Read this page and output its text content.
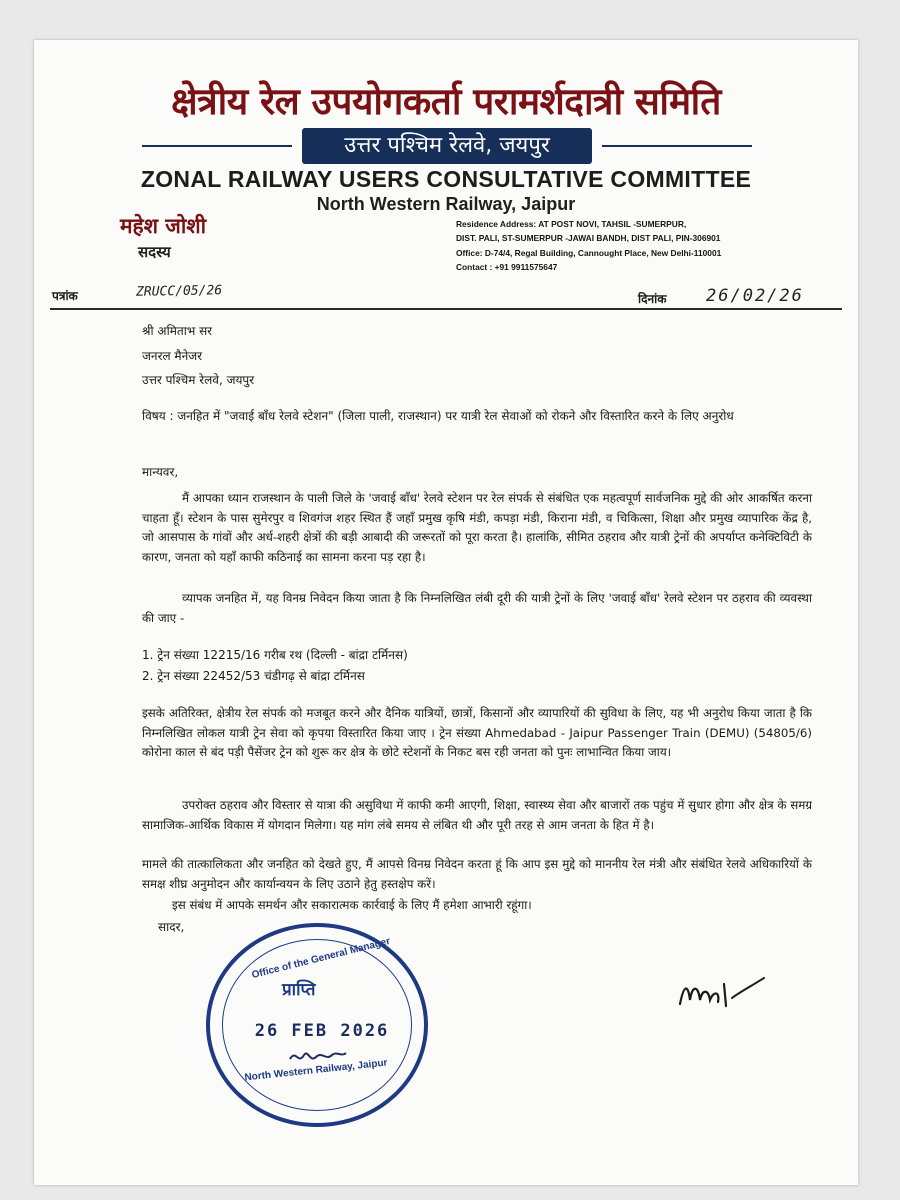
क्षेत्रीय रेल उपयोगकर्ता परामर्शदात्री समिति
उत्तर पश्चिम रेलवे, जयपुर
ZONAL RAILWAY USERS CONSULTATIVE COMMITTEE
North Western Railway, Jaipur
महेश जोशी
सदस्य
Residence Address: AT POST NOVI, TAHSIL -SUMERPUR,
DIST. PALI, ST-SUMERPUR -JAWAI BANDH, DIST PALI, PIN-306901
Office: D-74/4, Regal Building, Cannought Place, New Delhi-110001
Contact : +91 9911575647
पत्रांक	ZRUCC/05/26	दिनांक 26/02/26
श्री अमिताभ सर
जनरल मैनेजर
उत्तर पश्चिम रेलवे, जयपुर
विषय : जनहित में "जवाई बाँध रेलवे स्टेशन" (जिला पाली, राजस्थान) पर यात्री रेल सेवाओं को रोकने और विस्तारित करने के लिए अनुरोध
मान्यवर,
मैं आपका ध्यान राजस्थान के पाली जिले के 'जवाई बाँध' रेलवे स्टेशन पर रेल संपर्क से संबंधित एक महत्वपूर्ण सार्वजनिक मुद्दे की ओर आकर्षित करना चाहता हूँ। स्टेशन के पास सुमेरपुर व शिवगंज शहर स्थित हैं जहाँ प्रमुख कृषि मंडी, कपड़ा मंडी, किराना मंडी, व चिकित्सा, शिक्षा और प्रमुख व्यापारिक केंद्र है, जो आसपास के गांवों और अर्ध-शहरी क्षेत्रों की बड़ी आबादी की जरूरतों को पूरा करता है। हालांकि, सीमित ठहराव और यात्री ट्रेनों की अपर्याप्त कनेक्टिविटी के कारण, जनता को यहाँ काफी कठिनाई का सामना करना पड़ रहा है।
व्यापक जनहित में, यह विनम्र निवेदन किया जाता है कि निम्नलिखित लंबी दूरी की यात्री ट्रेनों के लिए 'जवाई बाँध' रेलवे स्टेशन पर ठहराव की व्यवस्था की जाए -
1. ट्रेन संख्या 12215/16 गरीब रथ (दिल्ली - बांद्रा टर्मिनस)
2. ट्रेन संख्या 22452/53 चंडीगढ़ से बांद्रा टर्मिनस
इसके अतिरिक्त, क्षेत्रीय रेल संपर्क को मजबूत करने और दैनिक यात्रियों, छात्रों, किसानों और व्यापारियों की सुविधा के लिए, यह भी अनुरोध किया जाता है कि निम्नलिखित लोकल यात्री ट्रेन सेवा को कृपया विस्तारित किया जाए । ट्रेन संख्या Ahmedabad - Jaipur Passenger Train (DEMU) (54805/6) कोरोना काल से बंद पड़ी पैसेंजर ट्रेन को शुरू कर क्षेत्र के छोटे स्टेशनों के निकट बस रही जनता को पुनः लाभान्वित किया जाय।
उपरोक्त ठहराव और विस्तार से यात्रा की असुविधा में काफी कमी आएगी, शिक्षा, स्वास्थ्य सेवा और बाजारों तक पहुंच में सुधार होगा और क्षेत्र के समग्र सामाजिक-आर्थिक विकास में योगदान मिलेगा। यह मांग लंबे समय से लंबित थी और पूरी तरह से आम जनता के हित में है।
मामले की तात्कालिकता और जनहित को देखते हुए, मैं आपसे विनम्र निवेदन करता हूं कि आप इस मुद्दे को माननीय रेल मंत्री और संबंधित रेलवे अधिकारियों के समक्ष शीघ्र अनुमोदन और कार्यान्वयन के लिए उठाने हेतु हस्तक्षेप करें।
इस संबंध में आपके समर्थन और सकारात्मक कार्रवाई के लिए मैं हमेशा आभारी रहूंगा।
Office of the General Manager
प्राप्ति
26 FEB 2026
North Western Railway, Jaipur
सादर,
